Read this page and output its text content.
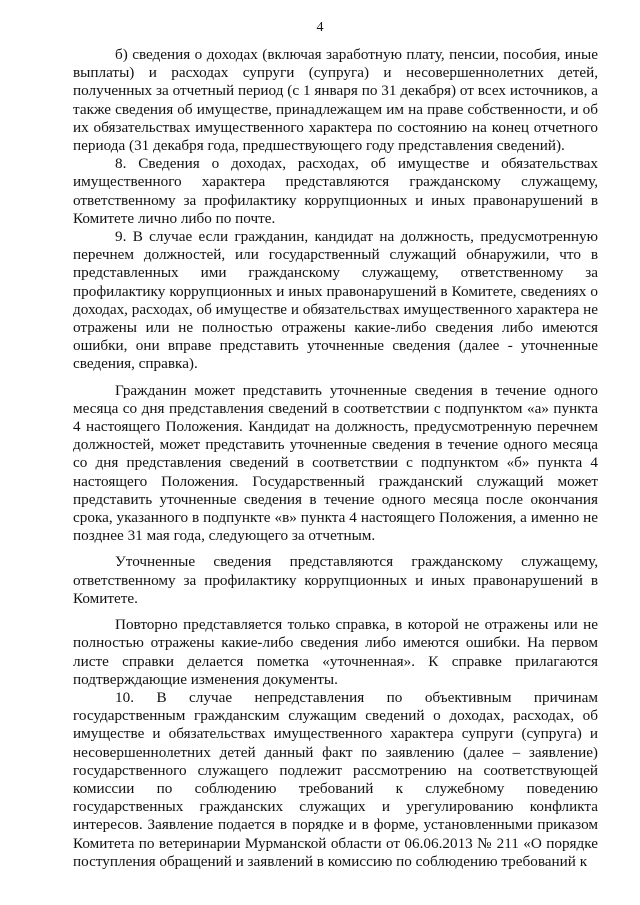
4

б) сведения о доходах (включая заработную плату, пенсии, пособия, иные выплаты) и расходах супруги (супруга) и несовершеннолетних детей, полученных за отчетный период (с 1 января по 31 декабря) от всех источников, а также сведения об имуществе, принадлежащем им на праве собственности, и об их обязательствах имущественного характера по состоянию на конец отчетного периода (31 декабря года, предшествующего году представления сведений).

8. Сведения о доходах, расходах, об имуществе и обязательствах имущественного характера представляются гражданскому служащему, ответственному за профилактику коррупционных и иных правонарушений в Комитете лично либо по почте.

9. В случае если гражданин, кандидат на должность, предусмотренную перечнем должностей, или государственный служащий обнаружили, что в представленных ими гражданскому служащему, ответственному за профилактику коррупционных и иных правонарушений в Комитете, сведениях о доходах, расходах, об имуществе и обязательствах имущественного характера не отражены или не полностью отражены какие-либо сведения либо имеются ошибки, они вправе представить уточненные сведения (далее - уточненные сведения, справка).

Гражданин может представить уточненные сведения в течение одного месяца со дня представления сведений в соответствии с подпунктом «а» пункта 4 настоящего Положения. Кандидат на должность, предусмотренную перечнем должностей, может представить уточненные сведения в течение одного месяца со дня представления сведений в соответствии с подпунктом «б» пункта 4 настоящего Положения. Государственный гражданский служащий может представить уточненные сведения в течение одного месяца после окончания срока, указанного в подпункте «в» пункта 4 настоящего Положения, а именно не позднее 31 мая года, следующего за отчетным.

Уточненные сведения представляются гражданскому служащему, ответственному за профилактику коррупционных и иных правонарушений в Комитете.

Повторно представляется только справка, в которой не отражены или не полностью отражены какие-либо сведения либо имеются ошибки. На первом листе справки делается пометка «уточненная». К справке прилагаются подтверждающие изменения документы.

10. В случае непредставления по объективным причинам государственным гражданским служащим сведений о доходах, расходах, об имуществе и обязательствах имущественного характера супруги (супруга) и несовершеннолетних детей данный факт по заявлению (далее – заявление) государственного служащего подлежит рассмотрению на соответствующей комиссии по соблюдению требований к служебному поведению государственных гражданских служащих и урегулированию конфликта интересов. Заявление подается в порядке и в форме, установленными приказом Комитета по ветеринарии Мурманской области от 06.06.2013 № 211 «О порядке поступления обращений и заявлений в комиссию по соблюдению требований к
